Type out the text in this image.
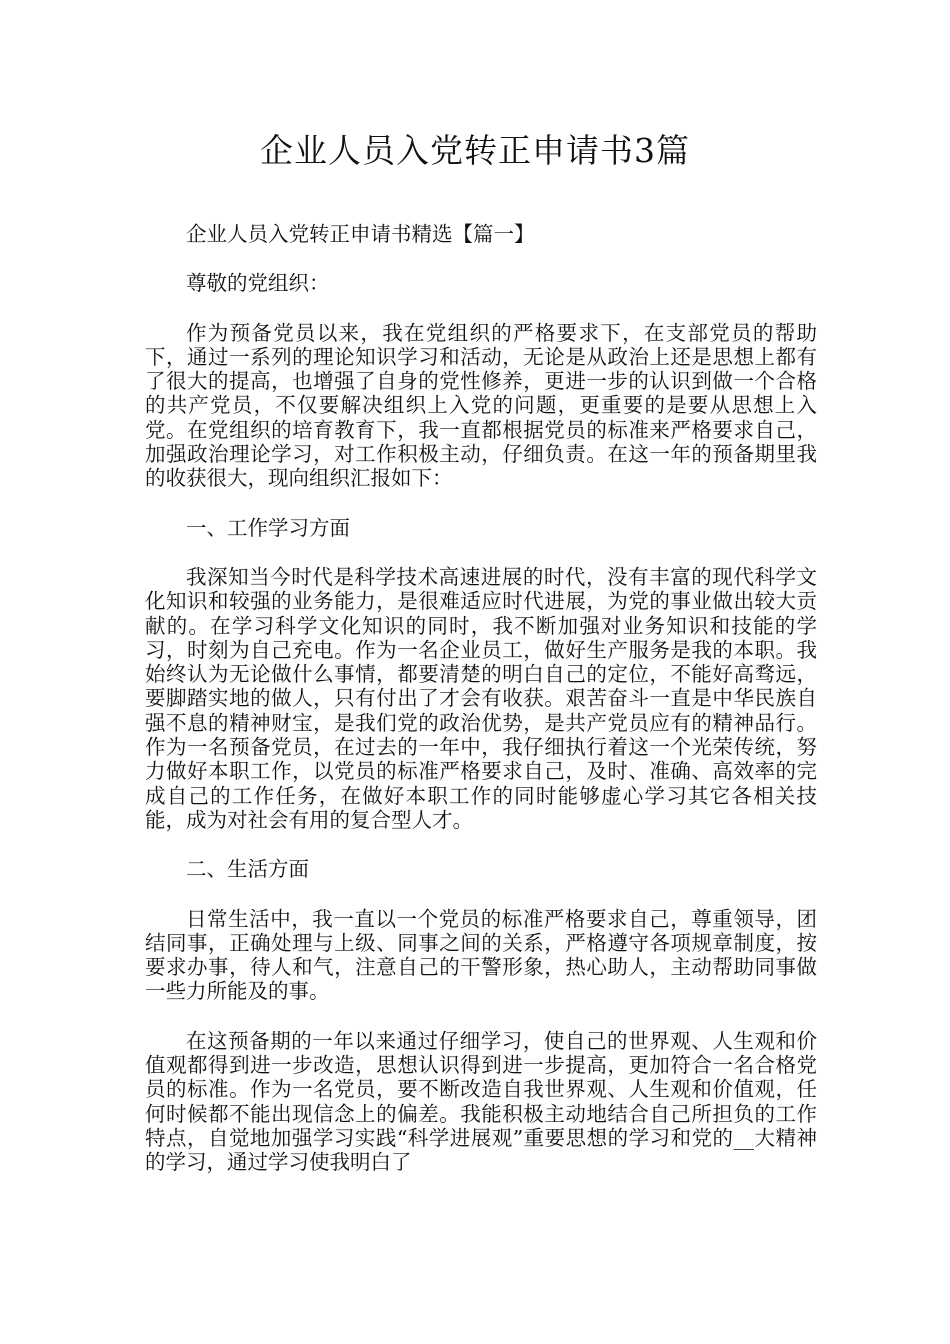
企业人员入党转正申请书3篇

企业人员入党转正申请书精选【篇一】

尊敬的党组织：

作为预备党员以来，我在党组织的严格要求下，在支部党员的帮助下，通过一系列的理论知识学习和活动，无论是从政治上还是思想上都有了很大的提高，也增强了自身的党性修养，更进一步的认识到做一个合格的共产党员，不仅要解决组织上入党的问题，更重要的是要从思想上入党。在党组织的培育教育下，我一直都根据党员的标准来严格要求自己，加强政治理论学习，对工作积极主动，仔细负责。在这一年的预备期里我的收获很大，现向组织汇报如下：

一、工作学习方面

我深知当今时代是科学技术高速进展的时代，没有丰富的现代科学文化知识和较强的业务能力，是很难适应时代进展，为党的事业做出较大贡献的。在学习科学文化知识的同时，我不断加强对业务知识和技能的学习，时刻为自己充电。作为一名企业员工，做好生产服务是我的本职。我始终认为无论做什么事情，都要清楚的明白自己的定位，不能好高骛远，要脚踏实地的做人，只有付出了才会有收获。艰苦奋斗一直是中华民族自强不息的精神财宝，是我们党的政治优势，是共产党员应有的精神品行。作为一名预备党员，在过去的一年中，我仔细执行着这一个光荣传统，努力做好本职工作，以党员的标准严格要求自己，及时、准确、高效率的完成自己的工作任务，在做好本职工作的同时能够虚心学习其它各相关技能，成为对社会有用的复合型人才。

二、生活方面

日常生活中，我一直以一个党员的标准严格要求自己，尊重领导，团结同事，正确处理与上级、同事之间的关系，严格遵守各项规章制度，按要求办事，待人和气，注意自己的干警形象，热心助人，主动帮助同事做一些力所能及的事。

在这预备期的一年以来通过仔细学习，使自己的世界观、人生观和价值观都得到进一步改造，思想认识得到进一步提高，更加符合一名合格党员的标准。作为一名党员，要不断改造自我世界观、人生观和价值观，任何时候都不能出现信念上的偏差。我能积极主动地结合自己所担负的工作特点，自觉地加强学习实践“科学进展观”重要思想的学习和党的__大精神的学习，通过学习使我明白了
